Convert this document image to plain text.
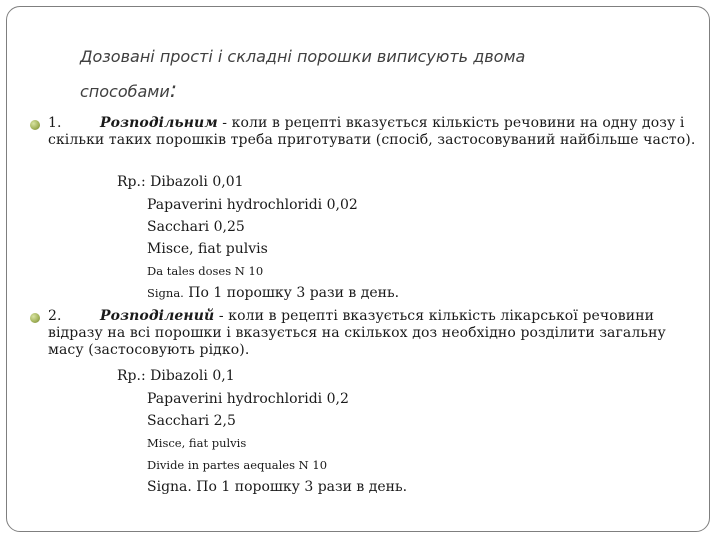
Дозовані прості і складні порошки виписують двома
способами:
1.	Розподільним - коли в рецепті вказується кількість речовини на одну дозу і скільки таких порошків треба приготувати (спосіб, застосовуваний найбільше часто).
Rp.: Dibazoli 0,01
Papaverini hydrochloridi 0,02
Sacchari 0,25
Misce, fiat pulvis
Da tales doses N 10
Signa. По 1 порошку 3 рази в день.
2.	Розподілений - коли в рецепті вказується кількість лікарської речовини відразу на всі порошки і вказується на скількох доз необхідно розділити загальну масу (застосовують рідко).
Rp.: Dibazoli 0,1
Papaverini hydrochloridi 0,2
Sacchari 2,5
Misce, fiat pulvis
Divide in partes aequales N 10
Signa. По 1 порошку 3 рази в день.
